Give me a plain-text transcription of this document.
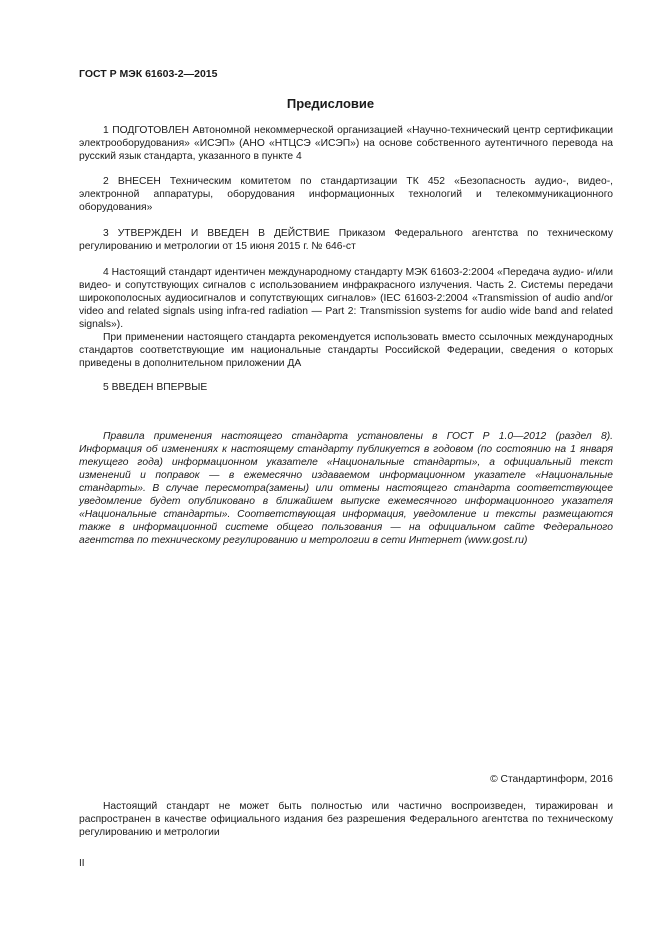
ГОСТ Р МЭК 61603-2—2015
Предисловие
1 ПОДГОТОВЛЕН Автономной некоммерческой организацией «Научно-технический центр сертификации электрооборудования» «ИСЭП» (АНО «НТЦСЭ «ИСЭП») на основе собственного аутентичного перевода на русский язык стандарта, указанного в пункте 4
2 ВНЕСЕН Техническим комитетом по стандартизации ТК 452 «Безопасность аудио-, видео-, электронной аппаратуры, оборудования информационных технологий и телекоммуникационного оборудования»
3 УТВЕРЖДЕН И ВВЕДЕН В ДЕЙСТВИЕ Приказом Федерального агентства по техническому регулированию и метрологии от 15 июня 2015 г. № 646-ст
4 Настоящий стандарт идентичен международному стандарту МЭК 61603-2:2004 «Передача аудио- и/или видео- и сопутствующих сигналов с использованием инфракрасного излучения. Часть 2. Системы передачи широкополосных аудиосигналов и сопутствующих сигналов» (IEC 61603-2:2004 «Transmission of audio and/or video and related signals using infra-red radiation — Part 2: Transmission systems for audio wide band and related signals»).
При применении настоящего стандарта рекомендуется использовать вместо ссылочных международных стандартов соответствующие им национальные стандарты Российской Федерации, сведения о которых приведены в дополнительном приложении ДА
5 ВВЕДЕН ВПЕРВЫЕ
Правила применения настоящего стандарта установлены в ГОСТ Р 1.0—2012 (раздел 8). Информация об изменениях к настоящему стандарту публикуется в годовом (по состоянию на 1 января текущего года) информационном указателе «Национальные стандарты», а официальный текст изменений и поправок — в ежемесячно издаваемом информационном указателе «Национальные стандарты». В случае пересмотра(замены) или отмены настоящего стандарта соответствующее уведомление будет опубликовано в ближайшем выпуске ежемесячного информационного указателя «Национальные стандарты». Соответствующая информация, уведомление и тексты размещаются также в информационной системе общего пользования — на официальном сайте Федерального агентства по техническому регулированию и метрологии в сети Интернет (www.gost.ru)
© Стандартинформ, 2016
Настоящий стандарт не может быть полностью или частично воспроизведен, тиражирован и распространен в качестве официального издания без разрешения Федерального агентства по техническому регулированию и метрологии
II
